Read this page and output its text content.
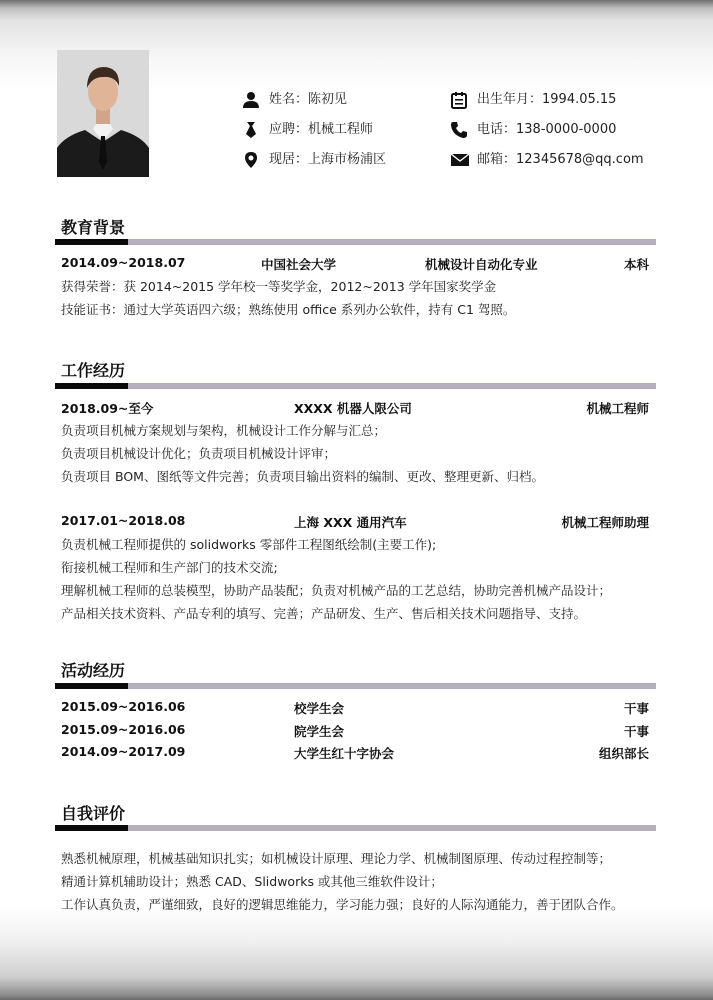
姓名：陈初见
应聘：机械工程师
现居：上海市杨浦区
出生年月：1994.05.15
电话：138-0000-0000
邮箱：12345678@qq.com
教育背景
2014.09~2018.07	中国社会大学	机械设计自动化专业	本科
获得荣誉：获 2014~2015 学年校一等奖学金，2012~2013 学年国家奖学金
技能证书：通过大学英语四六级；熟练使用 office 系列办公软件，持有 C1 驾照。
工作经历
2018.09~至今	XXXX 机器人限公司	机械工程师
负责项目机械方案规划与架构，机械设计工作分解与汇总；
负责项目机械设计优化；负责项目机械设计评审；
负责项目 BOM、图纸等文件完善；负责项目输出资料的编制、更改、整理更新、归档。
2017.01~2018.08	上海 XXX 通用汽车	机械工程师助理
负责机械工程师提供的 solidworks 零部件工程图纸绘制(主要工作);
衔接机械工程师和生产部门的技术交流;
理解机械工程师的总装模型，协助产品装配；负责对机械产品的工艺总结，协助完善机械产品设计；
产品相关技术资料、产品专利的填写、完善；产品研发、生产、售后相关技术问题指导、支持。
活动经历
2015.09~2016.06	校学生会	干事
2015.09~2016.06	院学生会	干事
2014.09~2017.09	大学生红十字协会	组织部长
自我评价
熟悉机械原理，机械基础知识扎实；如机械设计原理、理论力学、机械制图原理、传动过程控制等；
精通计算机辅助设计；熟悉 CAD、Slidworks 或其他三维软件设计；
工作认真负责，严谨细致，良好的逻辑思维能力，学习能力强；良好的人际沟通能力，善于团队合作。
